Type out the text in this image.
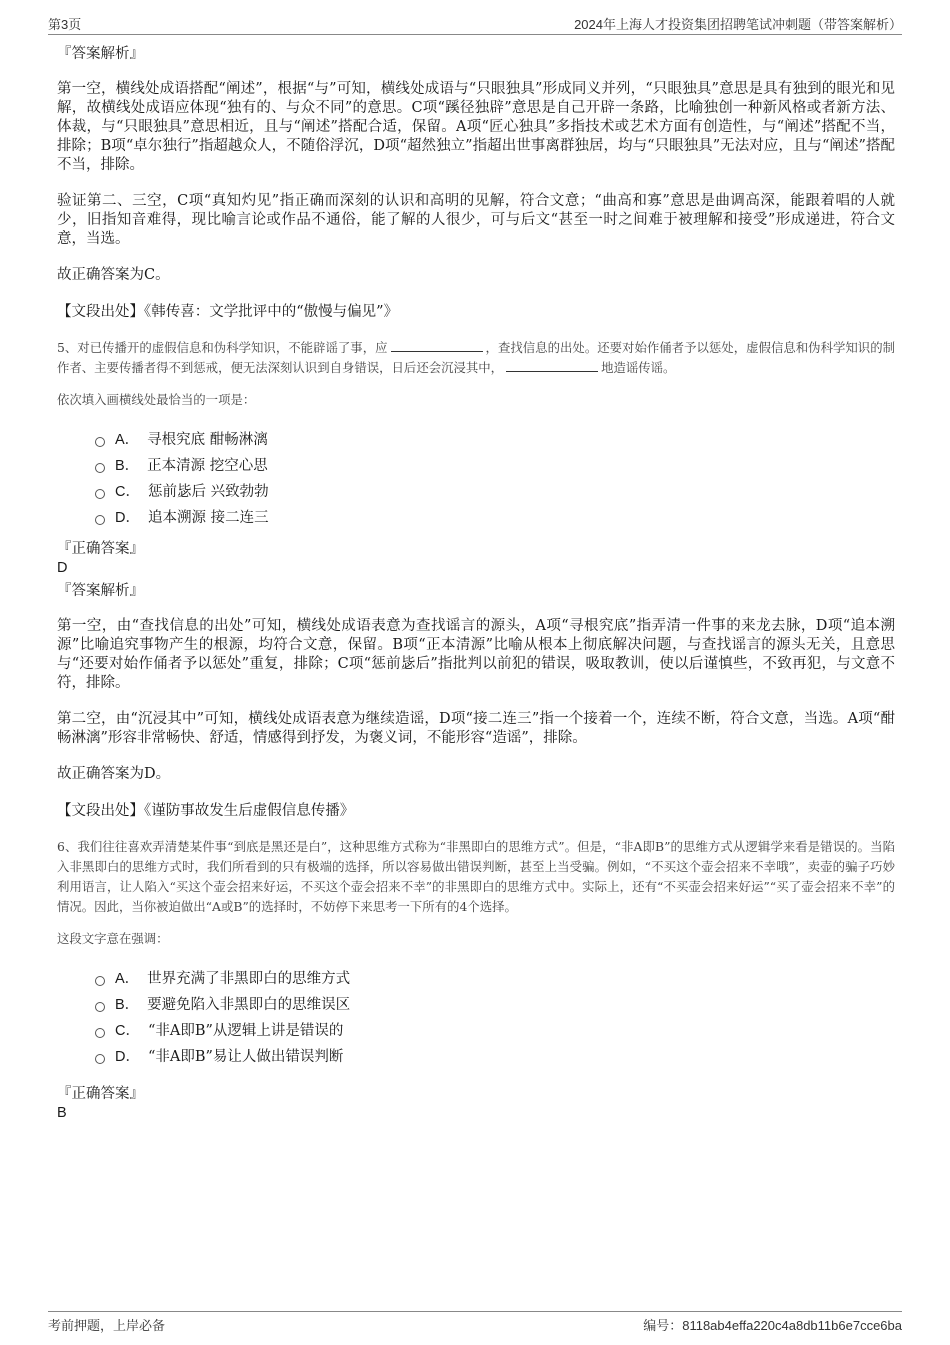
第3页	2024年上海人才投资集团招聘笔试冲刺题（带答案解析）
『答案解析』

第一空，横线处成语搭配“阐述”，根据“与”可知，横线处成语与“只眼独具”形成同义并列，“只眼独具”意思是具有独到的眼光和见解，故横线处成语应体现“独有的、与众不同”的意思。C项“蹊径独辟”意思是自己开辟一条路，比喻独创一种新风格或者新方法、体裁，与“只眼独具”意思相近，且与“阐述”搭配合适，保留。A项“匠心独具”多指技术或艺术方面有创造性，与“阐述”搭配不当，排除；B项“卓尔独行”指超越众人，不随俗浮沉，D项“超然独立”指超出世事离群独居，均与“只眼独具”无法对应，且与“阐述”搭配不当，排除。

验证第二、三空，C项“真知灼见”指正确而深刻的认识和高明的见解，符合文意；“曲高和寡”意思是曲调高深，能跟着唱的人就少，旧指知音难得，现比喻言论或作品不通俗，能了解的人很少，可与后文“甚至一时之间难于被理解和接受”形成递进，符合文意，当选。

故正确答案为C。

【文段出处】《韩传喜：文学批评中的“傲慢与偏见”》

5、对已传播开的虚假信息和伪科学知识，不能辟谣了事，应	，查找信息的出处。还要对始作俑者予以惩处，虚假信息和伪科学知识的制作者、主要传播者得不到惩戒，便无法深刻认识到自身错误，日后还会沉浸其中，	地造谣传谣。

依次填入画横线处最恰当的一项是：
A． 寻根究底 酣畅淋漓
B． 正本清源 挖空心思
C． 惩前毖后 兴致勃勃
D． 追本溯源 接二连三
『正确答案』
D
『答案解析』

第一空，由“查找信息的出处”可知，横线处成语表意为查找谣言的源头，A项“寻根究底”指弄清一件事的来龙去脉，D项“追本溯源”比喻追究事物产生的根源，均符合文意，保留。B项“正本清源”比喻从根本上彻底解决问题，与查找谣言的源头无关，且意思与“还要对始作俑者予以惩处”重复，排除；C项“惩前毖后”指批判以前犯的错误，吸取教训，使以后谨慎些，不致再犯，与文意不符，排除。

第二空，由“沉浸其中”可知，横线处成语表意为继续造谣，D项“接二连三”指一个接着一个，连续不断，符合文意，当选。A项“酣畅淋漓”形容非常畅快、舒适，情感得到抒发，为褒义词，不能形容“造谣”，排除。

故正确答案为D。

【文段出处】《谨防事故发生后虚假信息传播》

6、我们往往喜欢弄清楚某件事“到底是黑还是白”，这种思维方式称为“非黑即白的思维方式”。但是，“非A即B”的思维方式从逻辑学来看是错误的。当陷入非黑即白的思维方式时，我们所看到的只有极端的选择，所以容易做出错误判断，甚至上当受骗。例如，“不买这个壶会招来不幸哦”，卖壶的骗子巧妙利用语言，让人陷入“买这个壶会招来好运，不买这个壶会招来不幸”的非黑即白的思维方式中。实际上，还有“不买壶会招来好运”“买了壶会招来不幸”的情况。因此，当你被迫做出“A或B”的选择时，不妨停下来思考一下所有的4个选择。

这段文字意在强调：
A． 世界充满了非黑即白的思维方式
B． 要避免陷入非黑即白的思维误区
C． “非A即B”从逻辑上讲是错误的
D． “非A即B”易让人做出错误判断
『正确答案』
B
考前押题，上岸必备	编号：8118ab4effa220c4a8db11b6e7cce6ba
